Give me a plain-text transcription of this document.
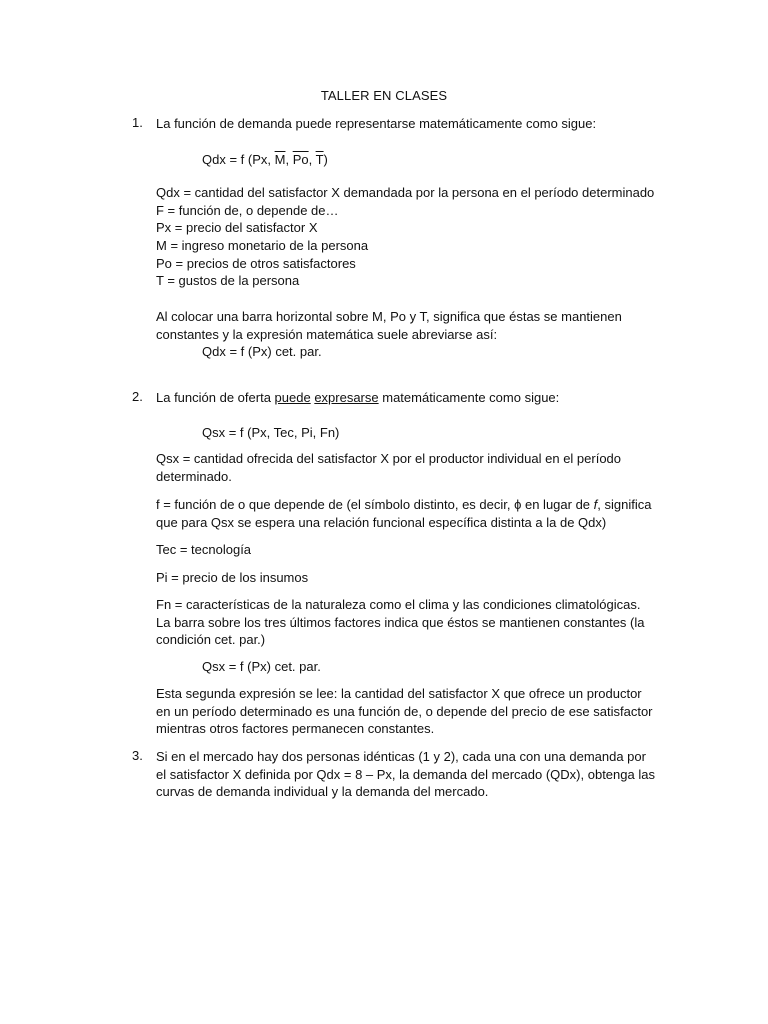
TALLER EN CLASES
1. La función de demanda puede representarse matemáticamente como sigue:
Qdx = f (Px, $\overline{M}$, $\overline{Po}$, $\overline{T}$)
Qdx = cantidad del satisfactor X demandada por la persona en el período determinado
F = función de, o depende de…
Px = precio del satisfactor X
M = ingreso monetario de la persona
Po = precios de otros satisfactores
T = gustos de la persona
Al colocar una barra horizontal sobre M, Po y T, significa que éstas se mantienen
constantes y la expresión matemática suele abreviarse así:
Qdx = f (Px) cet. par.
2. La función de oferta puede expresarse matemáticamente como sigue:
Qsx = f (Px, Tec, Pi, Fn)
Qsx = cantidad ofrecida del satisfactor X por el productor individual en el período determinado.
f = función de o que depende de (el símbolo distinto, es decir, ϕ en lugar de f, significa que para Qsx se espera una relación funcional específica distinta a la de Qdx)
Tec = tecnología
Pi = precio de los insumos
Fn = características de la naturaleza como el clima y las condiciones climatológicas. La barra sobre los tres últimos factores indica que éstos se mantienen constantes (la condición cet. par.)
Qsx = f (Px) cet. par.
Esta segunda expresión se lee: la cantidad del satisfactor X que ofrece un productor en un período determinado es una función de, o depende del precio de ese satisfactor mientras otros factores permanecen constantes.
3. Si en el mercado hay dos personas idénticas (1 y 2), cada una con una demanda por el satisfactor X definida por Qdx = 8 – Px, la demanda del mercado (QDx), obtenga las curvas de demanda individual y la demanda del mercado.
